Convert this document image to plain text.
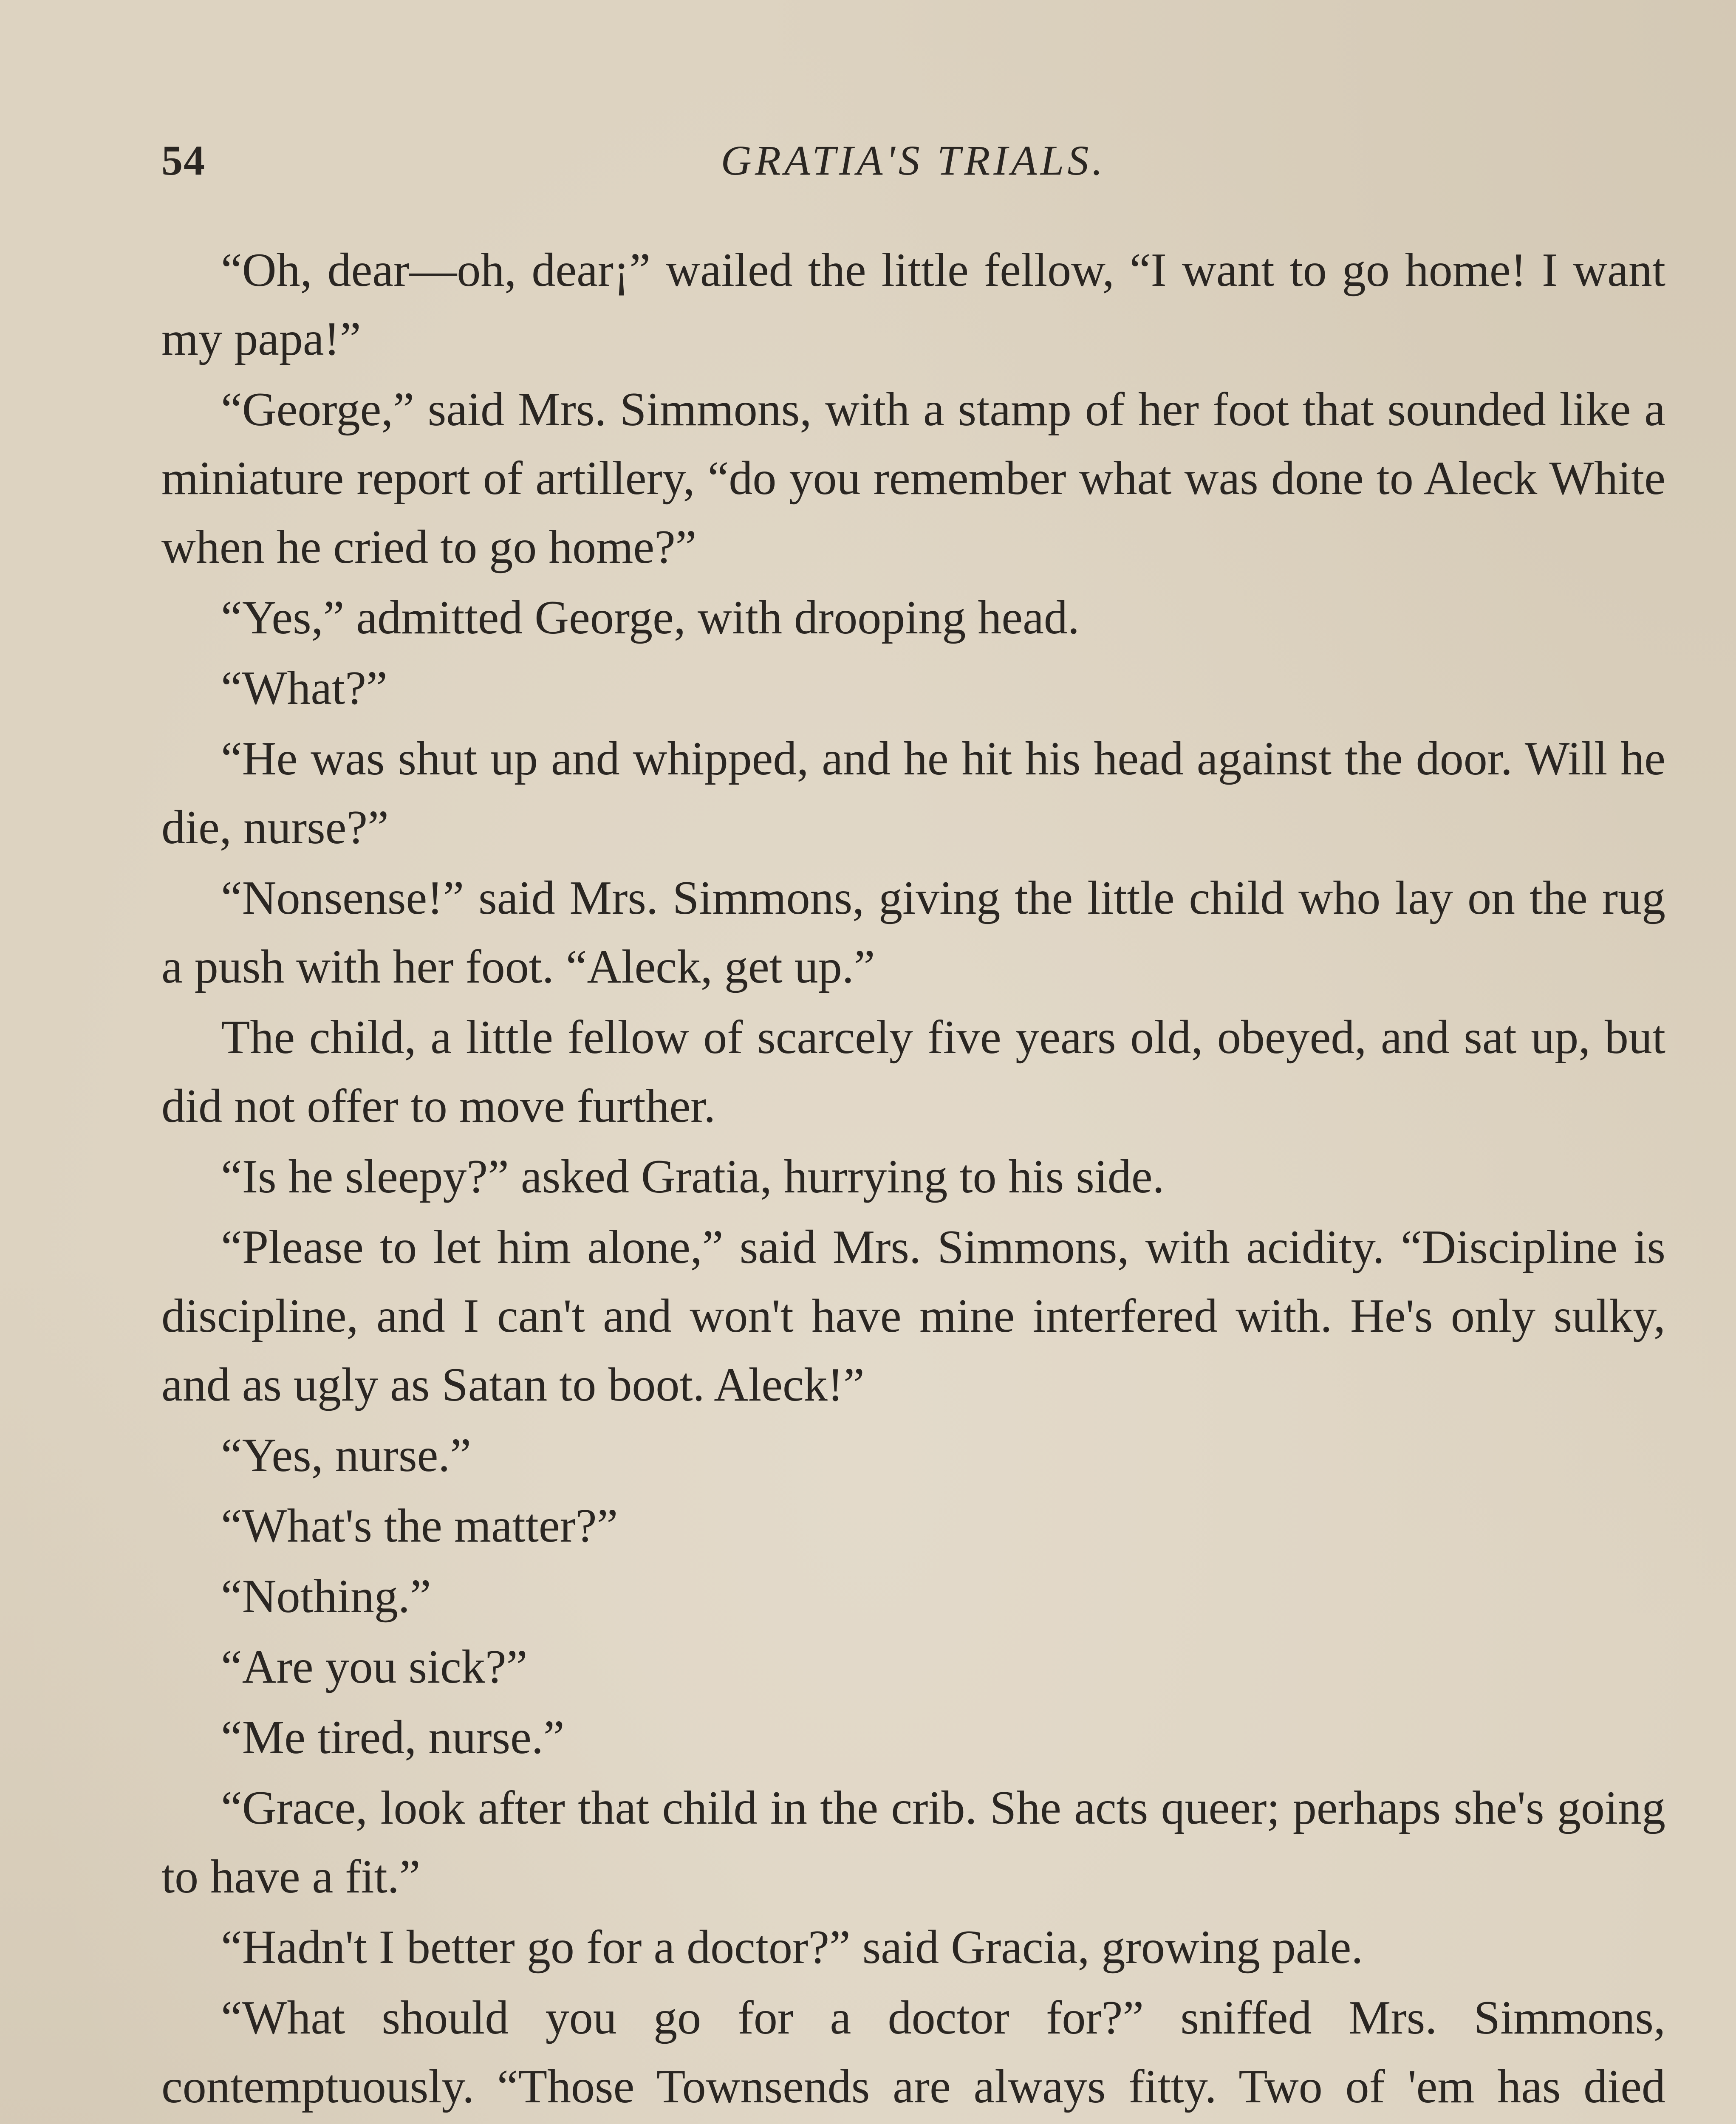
54	GRATIA'S TRIALS.

“Oh, dear—oh, dear¡” wailed the little fellow, “I want to go home! I want my papa!”

“George,” said Mrs. Simmons, with a stamp of her foot that sounded like a miniature report of artillery, “do you remember what was done to Aleck White when he cried to go home?”

“Yes,” admitted George, with drooping head.

“What?”

“He was shut up and whipped, and he hit his head against the door. Will he die, nurse?”

“Nonsense!” said Mrs. Simmons, giving the little child who lay on the rug a push with her foot. “Aleck, get up.”

The child, a little fellow of scarcely five years old, obeyed, and sat up, but did not offer to move further.

“Is he sleepy?” asked Gratia, hurrying to his side.

“Please to let him alone,” said Mrs. Simmons, with acidity. “Discipline is discipline, and I can't and won't have mine interfered with. He's only sulky, and as ugly as Satan to boot. Aleck!”

“Yes, nurse.”

“What's the matter?”

“Nothing.”

“Are you sick?”

“Me tired, nurse.”

“Grace, look after that child in the crib. She acts queer; perhaps she's going to have a fit.”

“Hadn't I better go for a doctor?” said Gracia, growing pale.

“What should you go for a doctor for?” sniffed Mrs. Simmons, contemptuously. “Those Townsends are always fitty. Two of 'em has died
